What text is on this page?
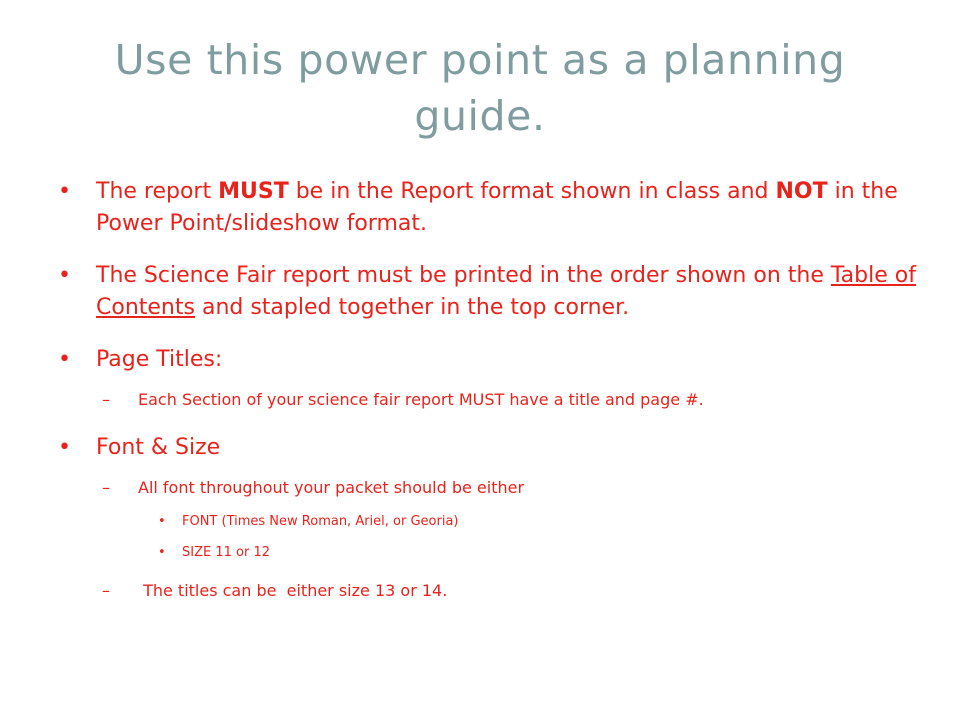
Use this power point as a planning guide.
• The report MUST be in the Report format shown in class and NOT in the Power Point/slideshow format.
• The Science Fair report must be printed in the order shown on the Table of Contents and stapled together in the top corner.
• Page Titles:
– Each Section of your science fair report MUST have a title and page #.
• Font & Size
– All font throughout your packet should be either
• FONT (Times New Roman, Ariel, or Georia)
• SIZE 11 or 12
– The titles can be  either size 13 or 14.
